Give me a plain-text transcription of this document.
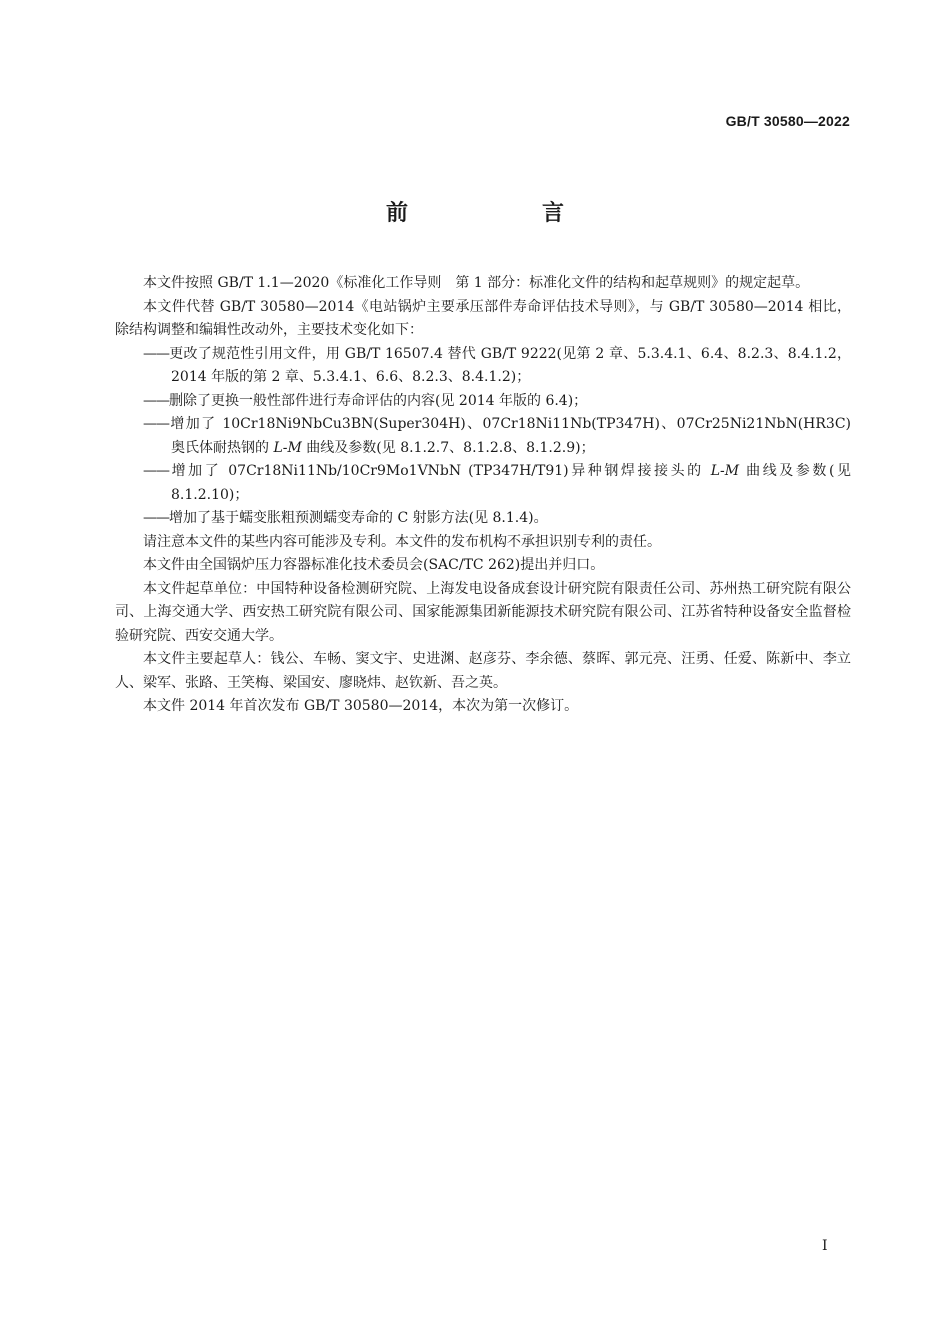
GB/T 30580—2022
前　言

本文件按照 GB/T 1.1—2020《标准化工作导则　第 1 部分：标准化文件的结构和起草规则》的规定起草。

本文件代替 GB/T 30580—2014《电站锅炉主要承压部件寿命评估技术导则》，与 GB/T 30580—2014 相比，除结构调整和编辑性改动外，主要技术变化如下：

——更改了规范性引用文件，用 GB/T 16507.4 替代 GB/T 9222(见第 2 章、5.3.4.1、6.4、8.2.3、8.4.1.2，2014 年版的第 2 章、5.3.4.1、6.6、8.2.3、8.4.1.2)；

——删除了更换一般性部件进行寿命评估的内容(见 2014 年版的 6.4)；

——增加了 10Cr18Ni9NbCu3BN(Super304H)、07Cr18Ni11Nb(TP347H)、07Cr25Ni21NbN(HR3C)奥氏体耐热钢的 L-M 曲线及参数(见 8.1.2.7、8.1.2.8、8.1.2.9)；

——增加了 07Cr18Ni11Nb/10Cr9Mo1VNbN (TP347H/T91)异种钢焊接接头的 L-M 曲线及参数(见 8.1.2.10)；

——增加了基于蠕变胀粗预测蠕变寿命的 C 射影方法(见 8.1.4)。

请注意本文件的某些内容可能涉及专利。本文件的发布机构不承担识别专利的责任。

本文件由全国锅炉压力容器标准化技术委员会(SAC/TC 262)提出并归口。

本文件起草单位：中国特种设备检测研究院、上海发电设备成套设计研究院有限责任公司、苏州热工研究院有限公司、上海交通大学、西安热工研究院有限公司、国家能源集团新能源技术研究院有限公司、江苏省特种设备安全监督检验研究院、西安交通大学。

本文件主要起草人：钱公、车畅、窦文宇、史进渊、赵彦芬、李余德、蔡晖、郭元亮、汪勇、任爱、陈新中、李立人、梁军、张路、王笑梅、梁国安、廖晓炜、赵钦新、吾之英。

本文件 2014 年首次发布 GB/T 30580—2014，本次为第一次修订。

I
